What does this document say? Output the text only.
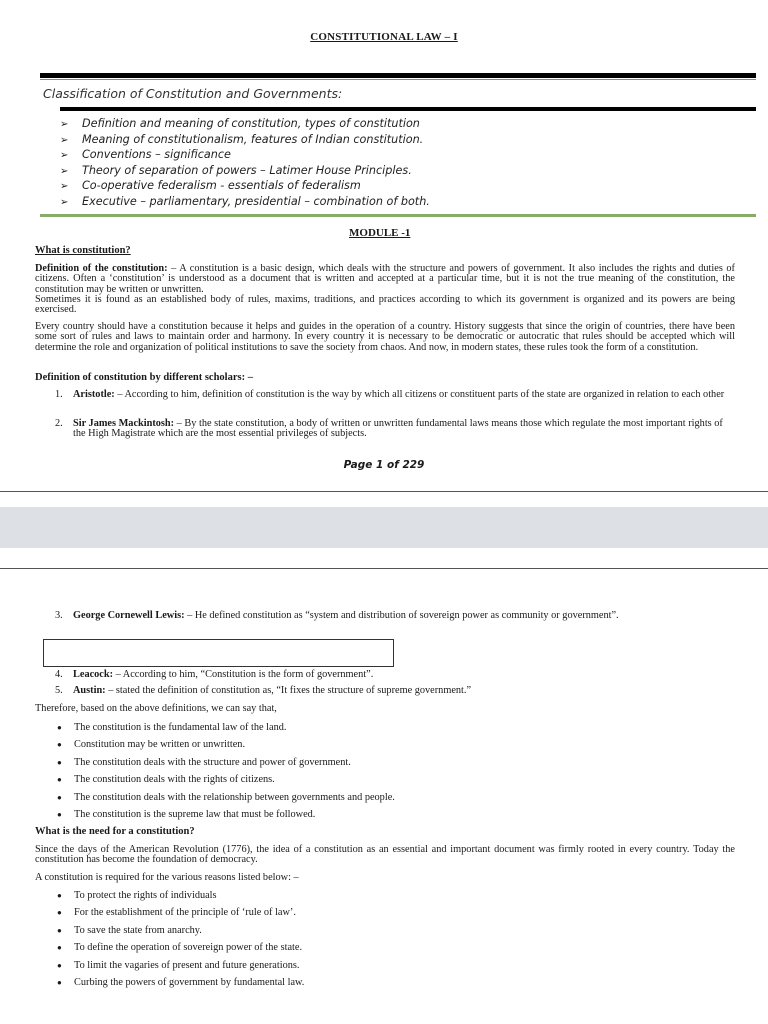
CONSTITUTIONAL LAW – I
Classification of Constitution and Governments:
➢ Definition and meaning of constitution, types of constitution
➢ Meaning of constitutionalism, features of Indian constitution.
➢ Conventions – significance
➢ Theory of separation of powers – Latimer House Principles.
➢ Co-operative federalism - essentials of federalism
➢ Executive – parliamentary, presidential – combination of both.
MODULE -1
What is constitution?
Definition of the constitution: – A constitution is a basic design, which deals with the structure and powers of government. It also includes the rights and duties of citizens. Often a ‘constitution’ is understood as a document that is written and accepted at a particular time, but it is not the true meaning of the constitution, the constitution may be written or unwritten.
Sometimes it is found as an established body of rules, maxims, traditions, and practices according to which its government is organized and its powers are being exercised.
Every country should have a constitution because it helps and guides in the operation of a country. History suggests that since the origin of countries, there have been some sort of rules and laws to maintain order and harmony. In every country it is necessary to be democratic or autocratic that rules should be accepted which will determine the role and organization of political institutions to save the society from chaos. And now, in modern states, these rules took the form of a constitution.
Definition of constitution by different scholars: –
1. Aristotle: – According to him, definition of constitution is the way by which all citizens or constituent parts of the state are organized in relation to each other
2. Sir James Mackintosh: – By the state constitution, a body of written or unwritten fundamental laws means those which regulate the most important rights of the High Magistrate which are the most essential privileges of subjects.
Page 1 of 229
3. George Cornewell Lewis: – He defined constitution as “system and distribution of sovereign power as community or government”.
4. Leacock: – According to him, “Constitution is the form of government”.
5. Austin: – stated the definition of constitution as, “It fixes the structure of supreme government.”
Therefore, based on the above definitions, we can say that,
● The constitution is the fundamental law of the land.
● Constitution may be written or unwritten.
● The constitution deals with the structure and power of government.
● The constitution deals with the rights of citizens.
● The constitution deals with the relationship between governments and people.
● The constitution is the supreme law that must be followed.
What is the need for a constitution?
Since the days of the American Revolution (1776), the idea of a constitution as an essential and important document was firmly rooted in every country. Today the constitution has become the foundation of democracy.
A constitution is required for the various reasons listed below: –
● To protect the rights of individuals
● For the establishment of the principle of ‘rule of law’.
● To save the state from anarchy.
● To define the operation of sovereign power of the state.
● To limit the vagaries of present and future generations.
● Curbing the powers of government by fundamental law.
